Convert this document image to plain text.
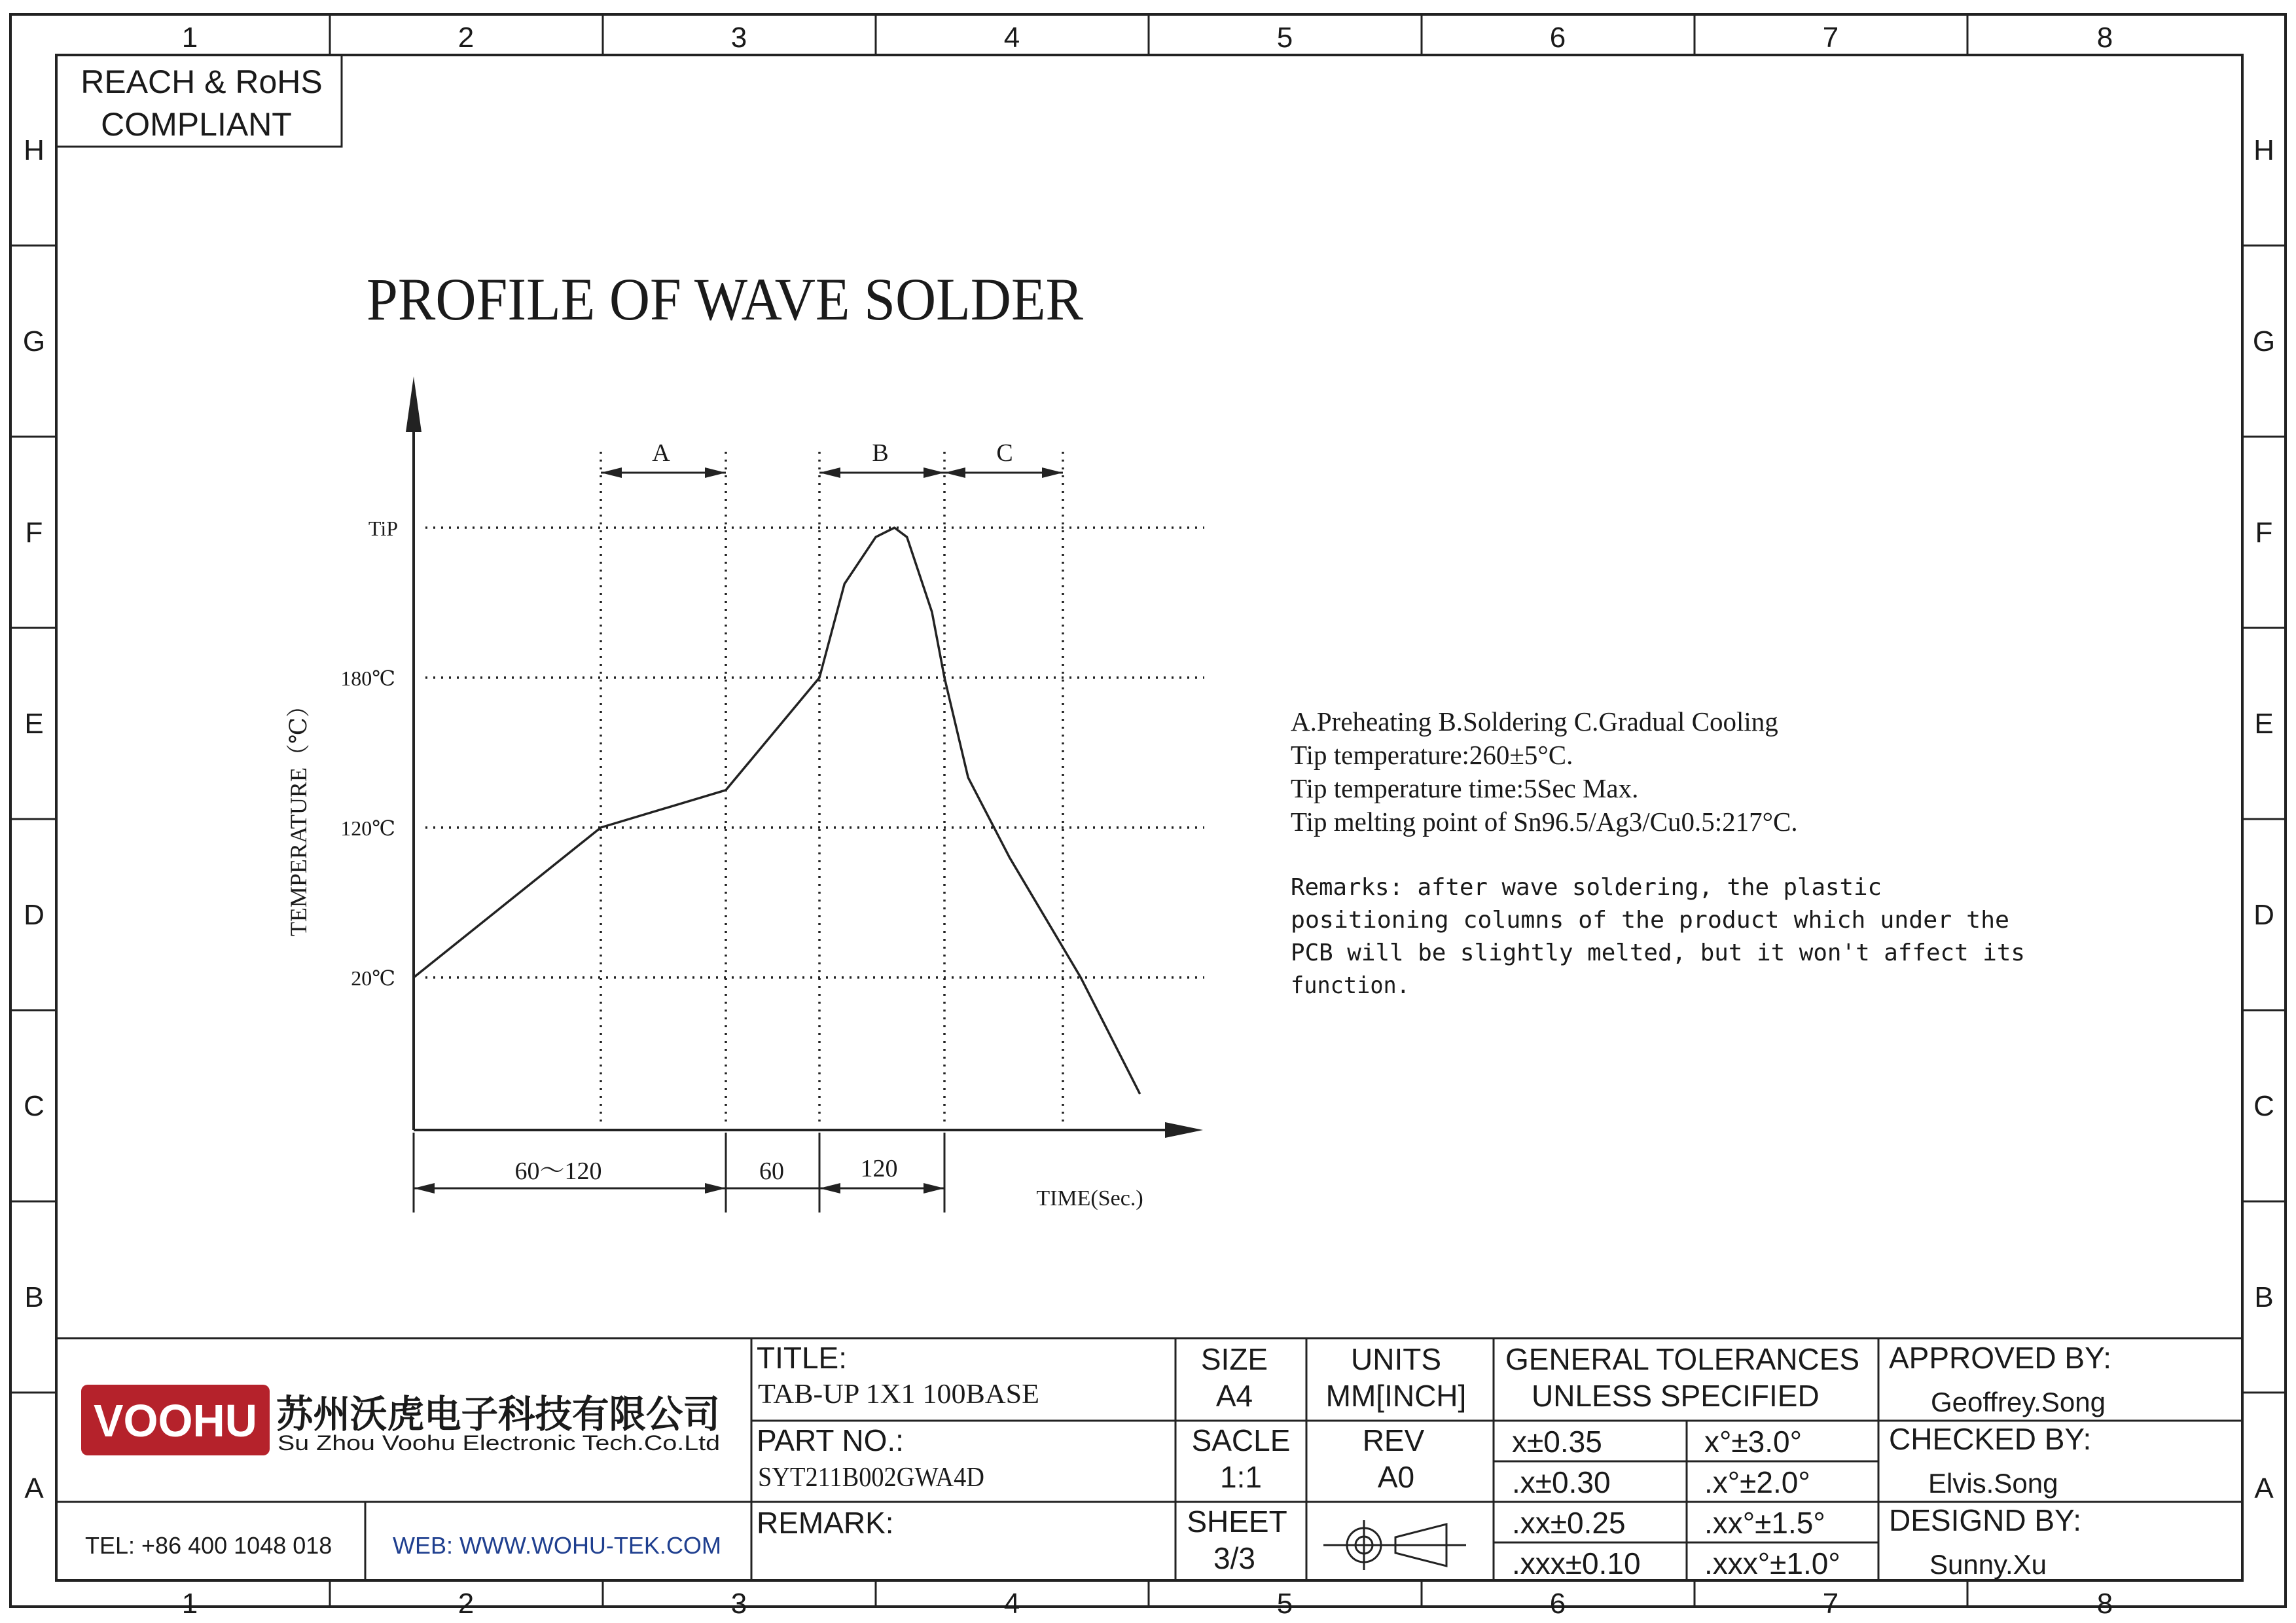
1	2	3	4	5	6	7	8
1	2	3	4	5	6	7	8
H
G
F
E
D
C
B
A
H
G
F
E
D
C
B
A
REACH & RoHS
COMPLIANT
PROFILE OF WAVE SOLDER
TiP
180℃
120℃
20℃
TEMPERATURE（℃）
A	B	C
60～120	60	120
TIME(Sec.)
A.Preheating B.Soldering C.Gradual Cooling
Tip temperature:260±5°C.
Tip temperature time:5Sec Max.
Tip melting point of Sn96.5/Ag3/Cu0.5:217°C.
Remarks: after wave soldering, the plastic
positioning columns of the product which under the
PCB will be slightly melted, but it won't affect its
function.
VOOHU 苏州沃虎电子科技有限公司
Su Zhou Voohu Electronic Tech.Co.Ltd
TEL: +86 400 1048 018	WEB: WWW.WOHU-TEK.COM
TITLE:
TAB-UP 1X1 100BASE
PART NO.:
SYT211B002GWA4D
REMARK:
SIZE
A4
SACLE
1:1
SHEET
3/3
UNITS
MM[INCH]
REV
A0
GENERAL TOLERANCES
UNLESS SPECIFIED
x±0.35	x°±3.0°
.x±0.30	.x°±2.0°
.xx±0.25	.xx°±1.5°
.xxx±0.10 .xxx°±1.0°
APPROVED BY:
Geoffrey.Song
CHECKED BY:
Elvis.Song
DESIGND BY:
Sunny.Xu
